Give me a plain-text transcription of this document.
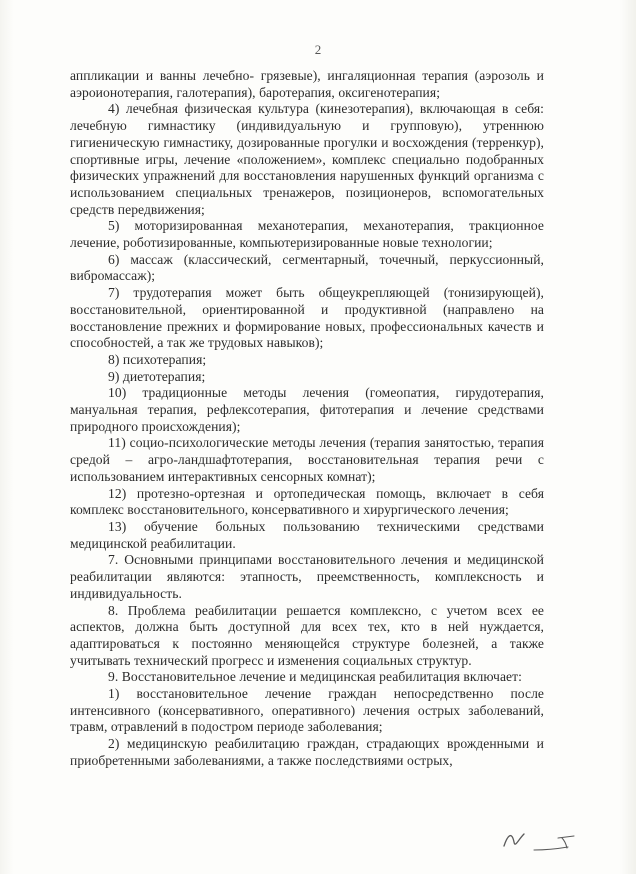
2

аппликации и ванны лечебно- грязевые), ингаляционная терапия (аэрозоль и аэроионотерапия, галотерапия), баротерапия, оксигенотерапия;

4) лечебная физическая культура (кинезотерапия), включающая в себя: лечебную гимнастику (индивидуальную и групповую), утреннюю гигиеническую гимнастику, дозированные прогулки и восхождения (терренкур), спортивные игры, лечение «положением», комплекс специально подобранных физических упражнений для восстановления нарушенных функций организма с использованием специальных тренажеров, позиционеров, вспомогательных средств передвижения;

5) моторизированная механотерапия, механотерапия, тракционное лечение, роботизированные, компьютеризированные новые технологии;

6) массаж (классический, сегментарный, точечный, перкуссионный, вибромассаж);

7) трудотерапия может быть общеукрепляющей (тонизирующей), восстановительной, ориентированной и продуктивной (направлено на восстановление прежних и формирование новых, профессиональных качеств и способностей, а так же трудовых навыков);

8) психотерапия;

9) диетотерапия;

10) традиционные методы лечения (гомеопатия, гирудотерапия, мануальная терапия, рефлексотерапия, фитотерапия и лечение средствами природного происхождения);

11) социо-психологические методы лечения (терапия занятостью, терапия средой – агро-ландшафтотерапия, восстановительная терапия речи с использованием интерактивных сенсорных комнат);

12) протезно-ортезная и ортопедическая помощь, включает в себя комплекс восстановительного, консервативного и хирургического лечения;

13) обучение больных пользованию техническими средствами медицинской реабилитации.

7. Основными принципами восстановительного лечения и медицинской реабилитации являются: этапность, преемственность, комплексность и индивидуальность.

8. Проблема реабилитации решается комплексно, с учетом всех ее аспектов, должна быть доступной для всех тех, кто в ней нуждается, адаптироваться к постоянно меняющейся структуре болезней, а также учитывать технический прогресс и изменения социальных структур.

9. Восстановительное лечение и медицинская реабилитация включает:

1) восстановительное лечение граждан непосредственно после интенсивного (консервативного, оперативного) лечения острых заболеваний, травм, отравлений в подостром периоде заболевания;

2) медицинскую реабилитацию граждан, страдающих врожденными и приобретенными заболеваниями, а также последствиями острых,
